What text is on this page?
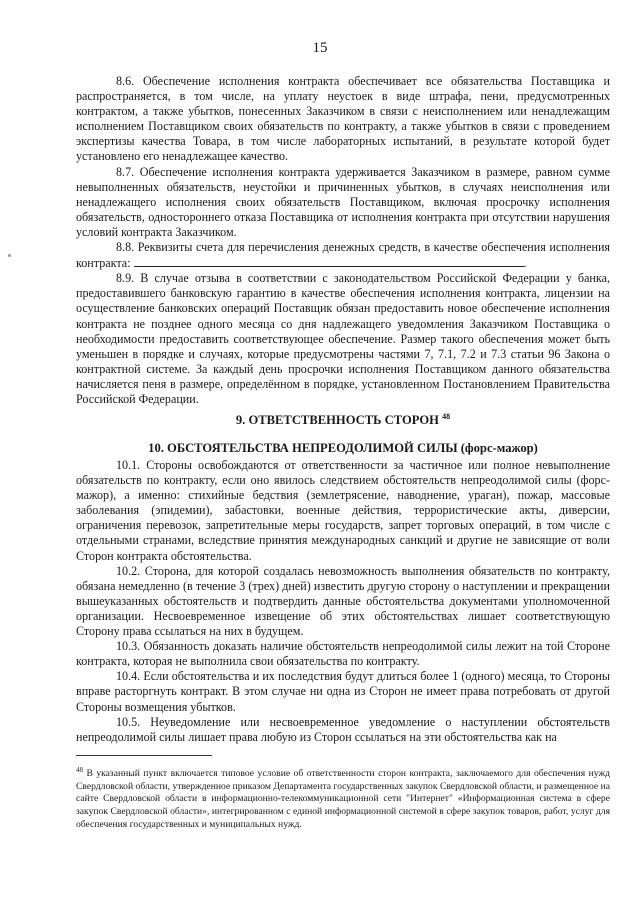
15

8.6. Обеспечение исполнения контракта обеспечивает все обязательства Поставщика и распространяется, в том числе, на уплату неустоек в виде штрафа, пени, предусмотренных контрактом, а также убытков, понесенных Заказчиком в связи с неисполнением или ненадлежащим исполнением Поставщиком своих обязательств по контракту, а также убытков в связи с проведением экспертизы качества Товара, в том числе лабораторных испытаний, в результате которой будет установлено его ненадлежащее качество.

8.7. Обеспечение исполнения контракта удерживается Заказчиком в размере, равном сумме невыполненных обязательств, неустойки и причиненных убытков, в случаях неисполнения или ненадлежащего исполнения своих обязательств Поставщиком, включая просрочку исполнения обязательств, одностороннего отказа Поставщика от исполнения контракта при отсутствии нарушения условий контракта Заказчиком.

8.8. Реквизиты счета для перечисления денежных средств, в качестве обеспечения исполнения контракта:	.

8.9. В случае отзыва в соответствии с законодательством Российской Федерации у банка, предоставившего банковскую гарантию в качестве обеспечения исполнения контракта, лицензии на осуществление банковских операций Поставщик обязан предоставить новое обеспечение исполнения контракта не позднее одного месяца со дня надлежащего уведомления Заказчиком Поставщика о необходимости предоставить соответствующее обеспечение. Размер такого обеспечения может быть уменьшен в порядке и случаях, которые предусмотрены частями 7, 7.1, 7.2 и 7.3 статьи 96 Закона о контрактной системе. За каждый день просрочки исполнения Поставщиком данного обязательства начисляется пеня в размере, определённом в порядке, установленном Постановлением Правительства Российской Федерации.

9. ОТВЕТСТВЕННОСТЬ СТОРОН $^{48}$
10. ОБСТОЯТЕЛЬСТВА НЕПРЕОДОЛИМОЙ СИЛЫ (форс-мажор)

10.1. Стороны освобождаются от ответственности за частичное или полное невыполнение обязательств по контракту, если оно явилось следствием обстоятельств непреодолимой силы (форс-мажор), а именно: стихийные бедствия (землетрясение, наводнение, ураган), пожар, массовые заболевания (эпидемии), забастовки, военные действия, террористические акты, диверсии, ограничения перевозок, запретительные меры государств, запрет торговых операций, в том числе с отдельными странами, вследствие принятия международных санкций и другие не зависящие от воли Сторон контракта обстоятельства.

10.2. Сторона, для которой создалась невозможность выполнения обязательств по контракту, обязана немедленно (в течение 3 (трех) дней) известить другую сторону о наступлении и прекращении вышеуказанных обстоятельств и подтвердить данные обстоятельства документами уполномоченной организации. Несвоевременное извещение об этих обстоятельствах лишает соответствующую Сторону права ссылаться на них в будущем.

10.3. Обязанность доказать наличие обстоятельств непреодолимой силы лежит на той Стороне контракта, которая не выполнила свои обязательства по контракту.

10.4. Если обстоятельства и их последствия будут длиться более 1 (одного) месяца, то Стороны вправе расторгнуть контракт. В этом случае ни одна из Сторон не имеет права потребовать от другой Стороны возмещения убытков.

10.5. Неуведомление или несвоевременное уведомление о наступлении обстоятельств непреодолимой силы лишает права любую из Сторон ссылаться на эти обстоятельства как на

$^{48}$ В указанный пункт включается типовое условие об ответственности сторон контракта, заключаемого для обеспечения нужд Свердловской области, утвержденное приказом Департамента государственных закупок Свердловской области, и размещенное на сайте Свердловской области в информационно-телекоммуникационной сети "Интернет" «Информационная система в сфере закупок Свердловской области», интегрированном с единой информационной системой в сфере закупок товаров, работ, услуг для обеспечения государственных и муниципальных нужд.
